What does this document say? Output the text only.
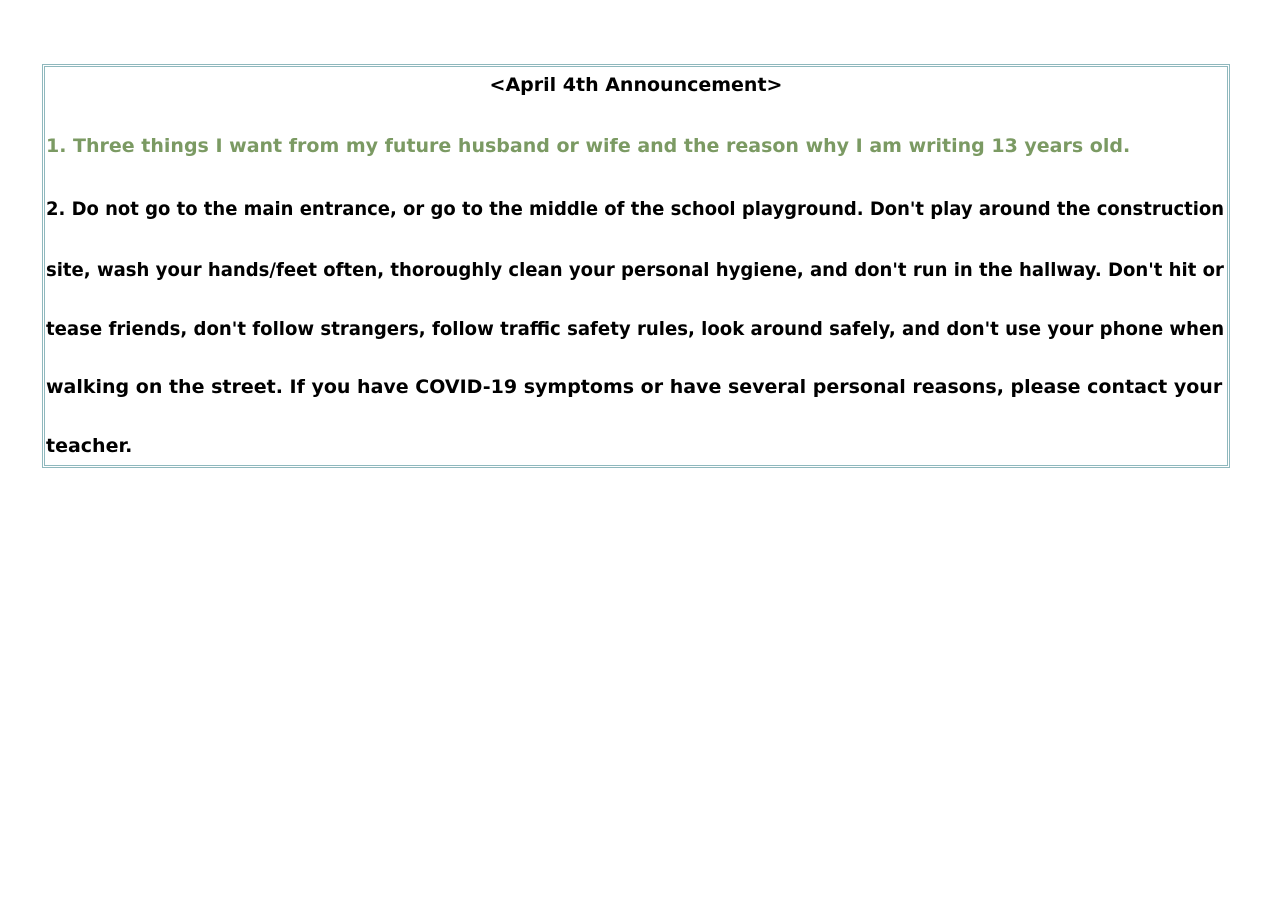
<April 4th Announcement>
1. Three things I want from my future husband or wife and the reason why I am writing 13 years old.
2. Do not go to the main entrance, or go to the middle of the school playground. Don't play around the construction
site, wash your hands/feet often, thoroughly clean your personal hygiene, and don't run in the hallway. Don't hit or
tease friends, don't follow strangers, follow traffic safety rules, look around safely, and don't use your phone when
walking on the street. If you have COVID-19 symptoms or have several personal reasons, please contact your
teacher.
